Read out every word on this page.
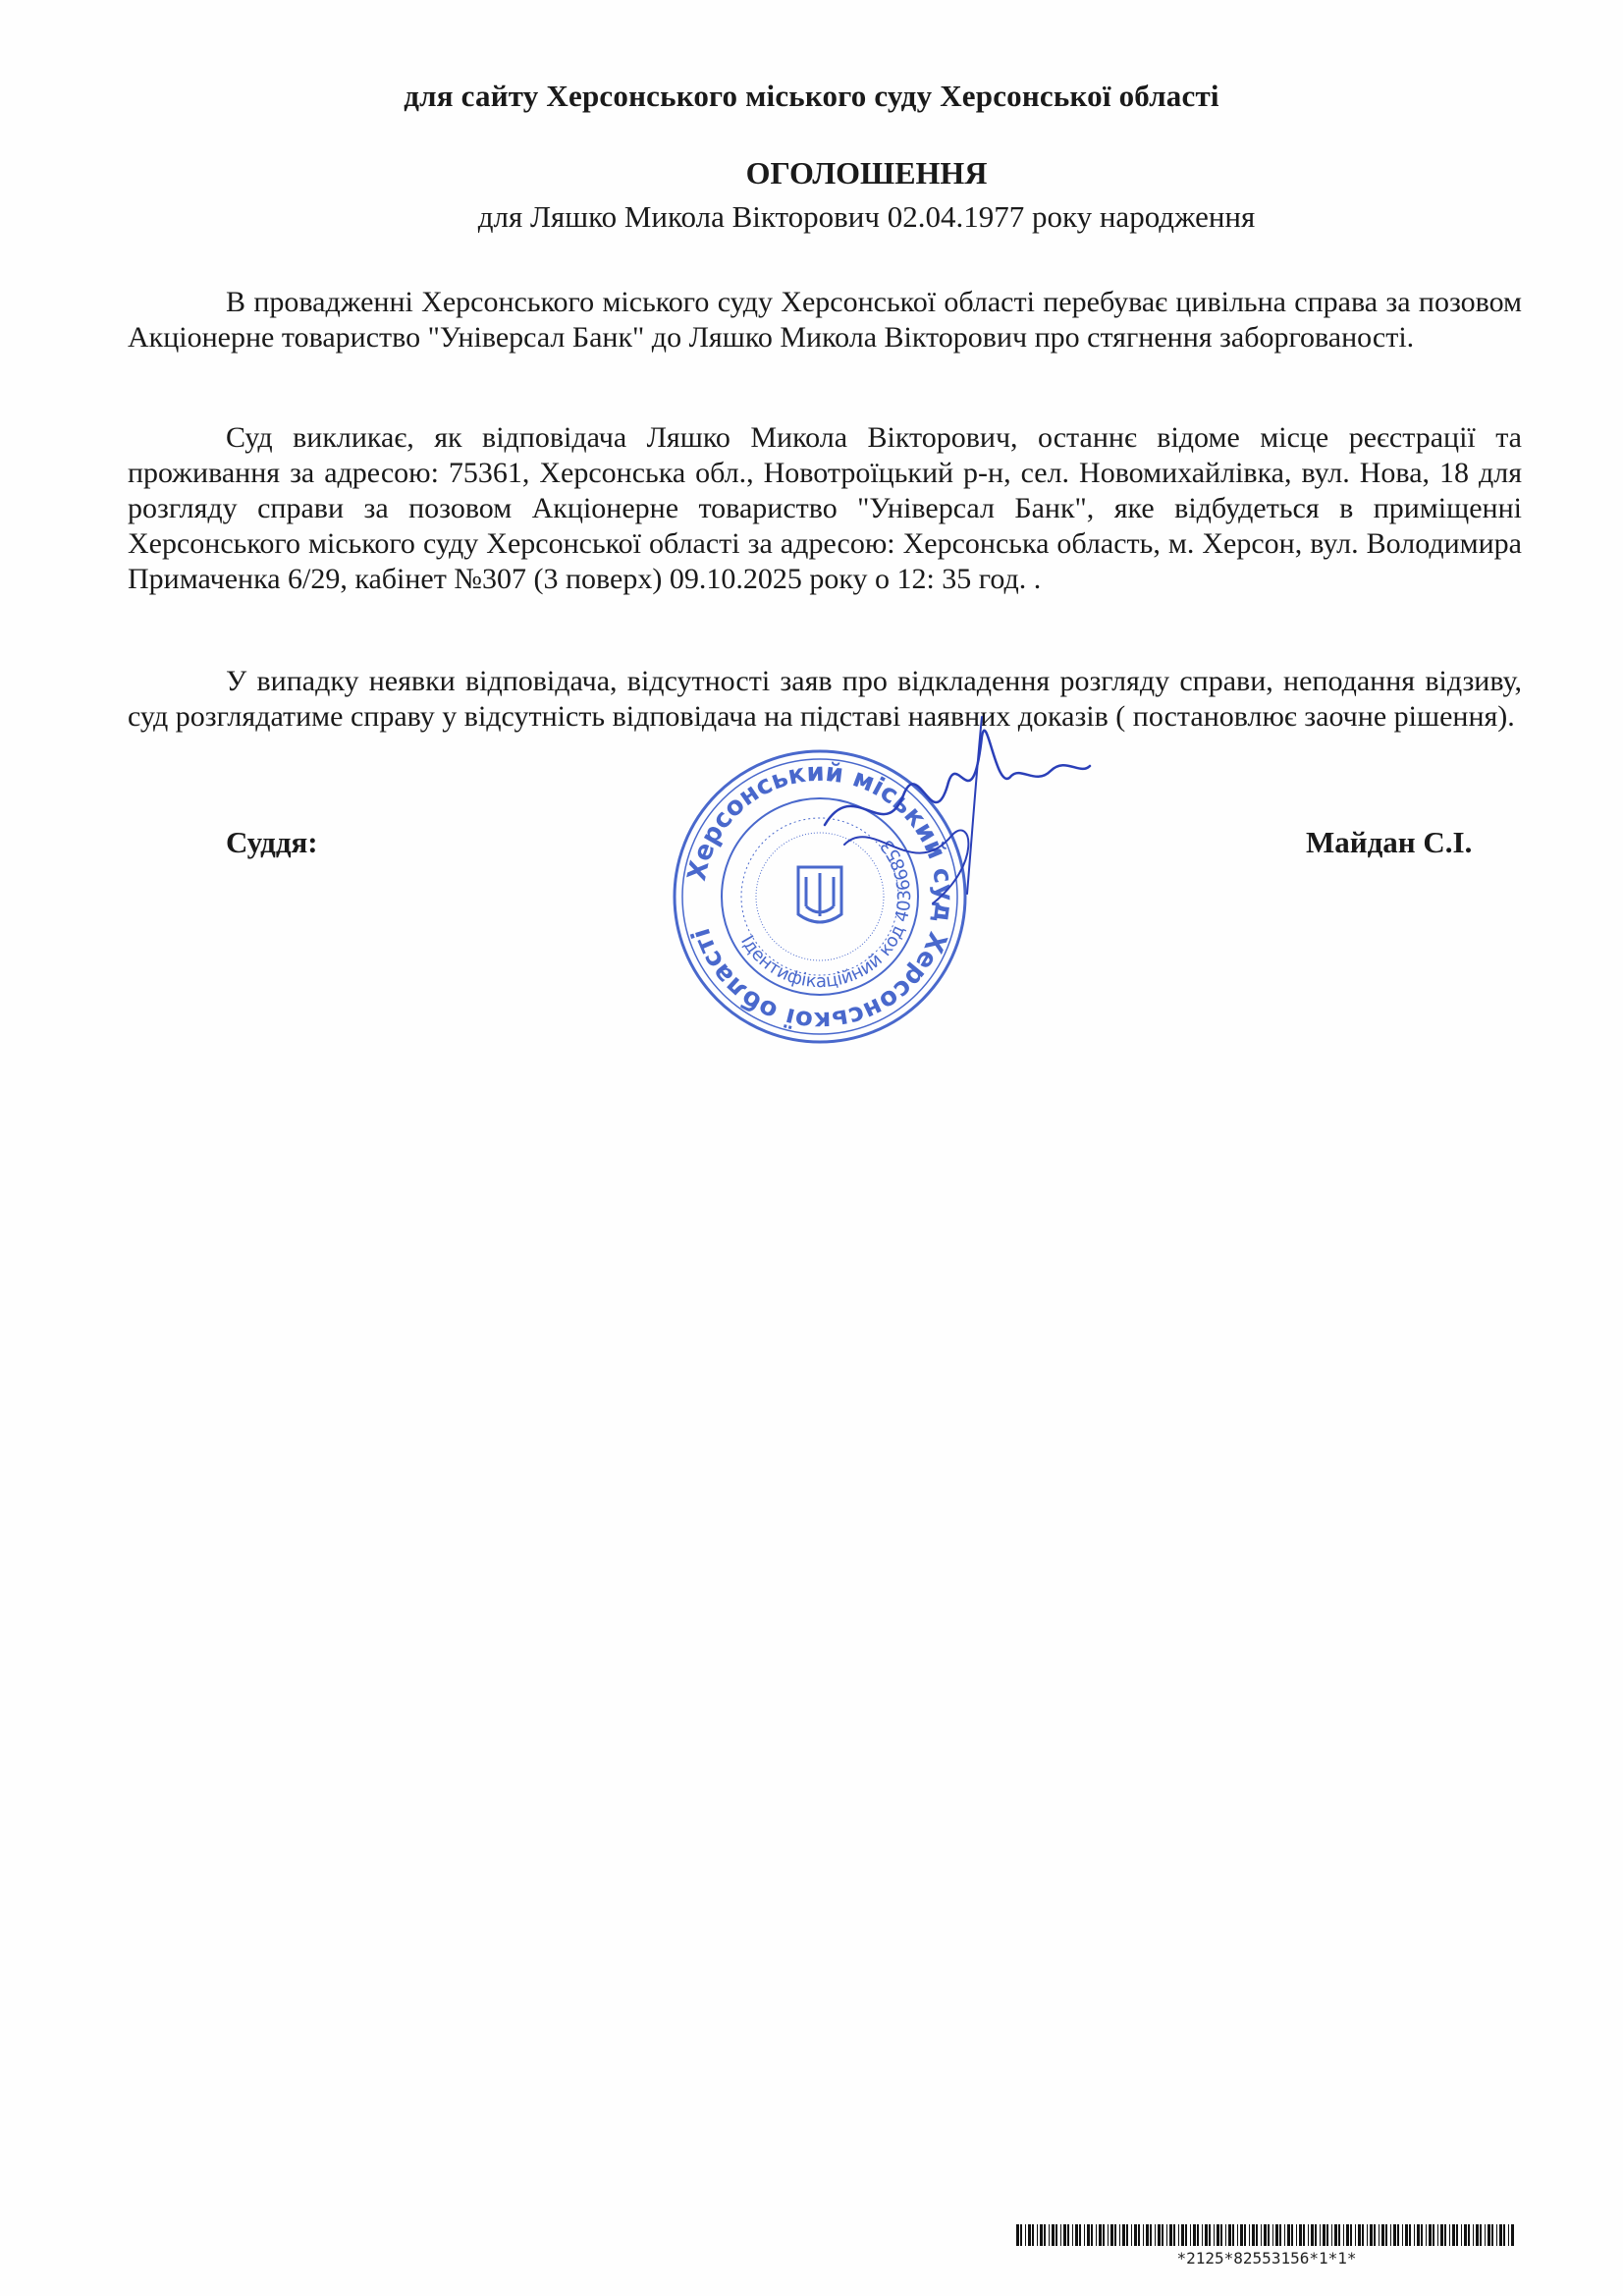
для сайту Херсонського міського суду Херсонської області
ОГОЛОШЕННЯ
для Ляшко Микола Вікторович 02.04.1977 року народження

В провадженні Херсонського міського суду Херсонської області перебуває цивільна справа за позовом Акціонерне товариство "Універсал Банк" до Ляшко Микола Вікторович про стягнення заборгованості.

Суд викликає, як відповідача Ляшко Микола Вікторович, останнє відоме місце реєстрації та проживання за адресою: 75361, Херсонська обл., Новотроїцький р-н, сел. Новомихайлівка, вул. Нова, 18 для розгляду справи за позовом Акціонерне товариство "Універсал Банк", яке відбудеться в приміщенні Херсонського міського суду Херсонської області за адресою: Херсонська область, м. Херсон, вул. Володимира Примаченка 6/29, кабінет №307 (3 поверх) 09.10.2025 року о 12: 35 год. .

У випадку неявки відповідача, відсутності заяв про відкладення розгляду справи, неподання відзиву, суд розглядатиме справу у відсутність відповідача на підставі наявних доказів ( постановлює заочне рішення).

Херсонський міський суд Херсонської області	Ідентифікаційний код 40366853
Суддя:	Майдан С.І.
*2125*82553156*1*1*
